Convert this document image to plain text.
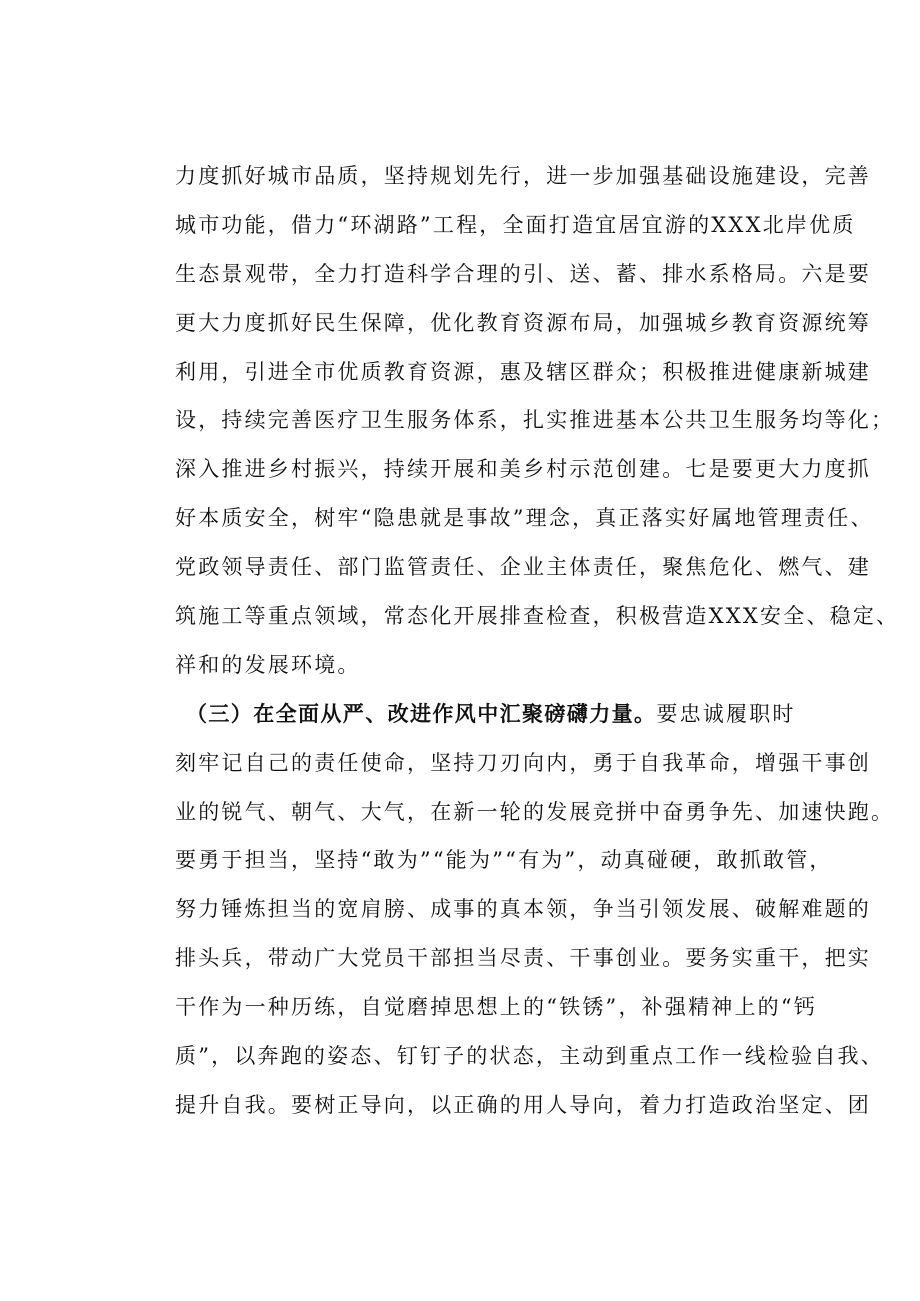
力度抓好城市品质，坚持规划先行，进一步加强基础设施建设，完善
城市功能，借力“环湖路”工程，全面打造宜居宜游的XXX北岸优质
生态景观带，全力打造科学合理的引、送、蓄、排水系格局。六是要
更大力度抓好民生保障，优化教育资源布局，加强城乡教育资源统筹
利用，引进全市优质教育资源，惠及辖区群众；积极推进健康新城建
设，持续完善医疗卫生服务体系，扎实推进基本公共卫生服务均等化；
深入推进乡村振兴，持续开展和美乡村示范创建。七是要更大力度抓
好本质安全，树牢“隐患就是事故”理念，真正落实好属地管理责任、
党政领导责任、部门监管责任、企业主体责任，聚焦危化、燃气、建
筑施工等重点领域，常态化开展排查检查，积极营造XXX安全、稳定、
祥和的发展环境。
（三）在全面从严、改进作风中汇聚磅礴力量。要忠诚履职时
刻牢记自己的责任使命，坚持刀刃向内，勇于自我革命，增强干事创
业的锐气、朝气、大气，在新一轮的发展竞拼中奋勇争先、加速快跑。
要勇于担当，坚持“敢为”“能为”“有为”，动真碰硬，敢抓敢管，
努力锤炼担当的宽肩膀、成事的真本领，争当引领发展、破解难题的
排头兵，带动广大党员干部担当尽责、干事创业。要务实重干，把实
干作为一种历练，自觉磨掉思想上的“铁锈”，补强精神上的“钙
质”，以奔跑的姿态、钉钉子的状态，主动到重点工作一线检验自我、
提升自我。要树正导向，以正确的用人导向，着力打造政治坚定、团
